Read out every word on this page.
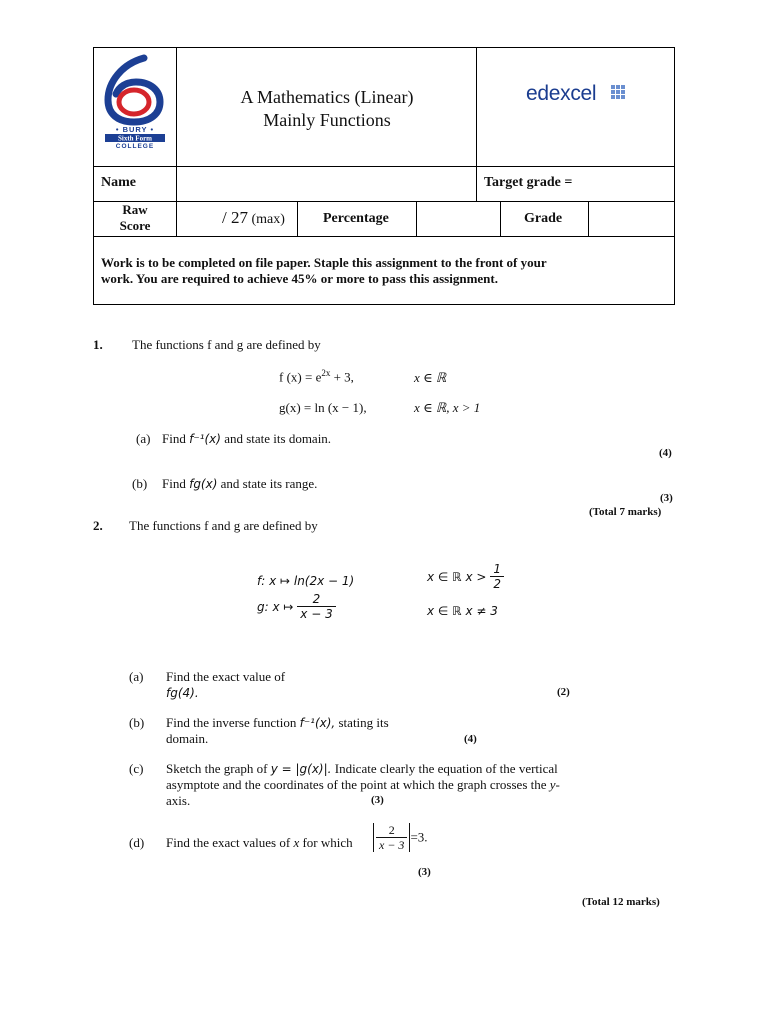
• BURY •
Sixth Form
COLLEGE
A Mathematics (Linear)
Mainly Functions
edexcel
Name	Target grade =
Raw
Score	/ 27 (max)	Percentage	Grade
Work is to be completed on file paper. Staple this assignment to the front of your
work. You are required to achieve 45% or more to pass this assignment.
1. The functions f and g are defined by
f $(x) = e^{2x} + 3$,	x ∈ ℝ
g(x) = ln (x − 1),	x ∈ ℝ, x > 1
(a) Find f⁻¹(x) and state its domain.
(4)
(b) Find fg(x) and state its range.
(3)
(Total 7 marks)
2. The functions f and g are defined by
f: x ↦ ln(2x − 1)	x ∈ ℝ $x > \frac{1}{2}$
g: x ↦ $\frac{2}{x - 3}$	x ∈ ℝ x ≠ 3
(a) Find the exact value of
fg(4).	(2)
(b) Find the inverse function f⁻¹(x), stating its
domain.	(4)
(c) Sketch the graph of y = |g(x)|. Indicate clearly the equation of the vertical
asymptote and the coordinates of the point at which the graph crosses the y-
axis.	(3)
(d) Find the exact values of x for which $\frac{2}{x - 3} =3$.
(3)
(Total 12 marks)
